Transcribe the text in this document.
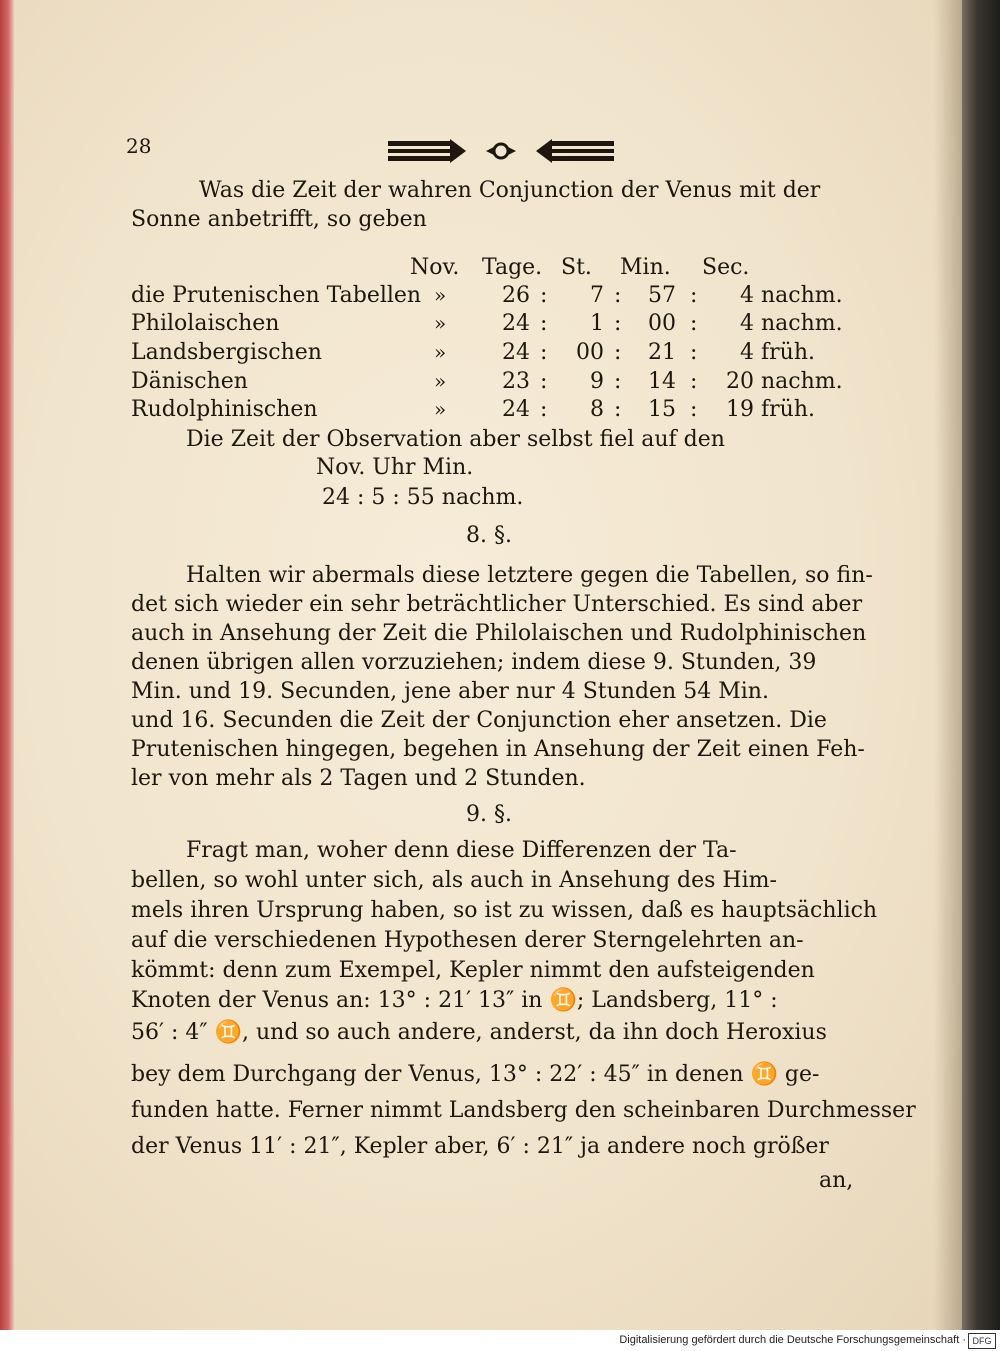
28
Was die Zeit der wahren Conjunction der Venus mit der
Sonne anbetrifft, so geben
Nov. Tage. St. Min. Sec.
die Prutenischen Tabellen »	26 :	7 :	57 :	4 nachm.
Philolaischen	»	24 :	1 :	00 :	4 nachm.
Landsbergischen	»	24 :	00 :	21 :	4 früh.
Dänischen	»	23 :	9 :	14 :	20 nachm.
Rudolphinischen	»	24 :	8 :	15 :	19 früh.
Die Zeit der Observation aber selbst fiel auf den
Nov. Uhr Min.
24 : 5 : 55 nachm.
8. §.
Halten wir abermals diese letztere gegen die Tabellen, so fin-
det sich wieder ein sehr beträchtlicher Unterschied. Es sind aber
auch in Ansehung der Zeit die Philolaischen und Rudolphinischen
denen übrigen allen vorzuziehen; indem diese 9. Stunden, 39
Min. und 19. Secunden, jene aber nur 4 Stunden 54 Min.
und 16. Secunden die Zeit der Conjunction eher ansetzen. Die
Prutenischen hingegen, begehen in Ansehung der Zeit einen Feh-
ler von mehr als 2 Tagen und 2 Stunden.
9. §.
Fragt man, woher denn diese Differenzen der Ta-
bellen, so wohl unter sich, als auch in Ansehung des Him-
mels ihren Ursprung haben, so ist zu wissen, daß es hauptsächlich
auf die verschiedenen Hypothesen derer Sterngelehrten an-
kömmt: denn zum Exempel, Kepler nimmt den aufsteigenden
Knoten der Venus an: 13° : 21′ 13″ in ♊; Landsberg, 11° :
56′ : 4″ ♊, und so auch andere, anderst, da ihn doch Heroxius
bey dem Durchgang der Venus, 13° : 22′ : 45″ in denen ♊ ge-
funden hatte. Ferner nimmt Landsberg den scheinbaren Durchmesser
der Venus 11′ : 21″, Kepler aber, 6′ : 21″ ja andere noch größer
an,
Digitalisierung gefördert durch die Deutsche Forschungsgemeinschaft · DFG
